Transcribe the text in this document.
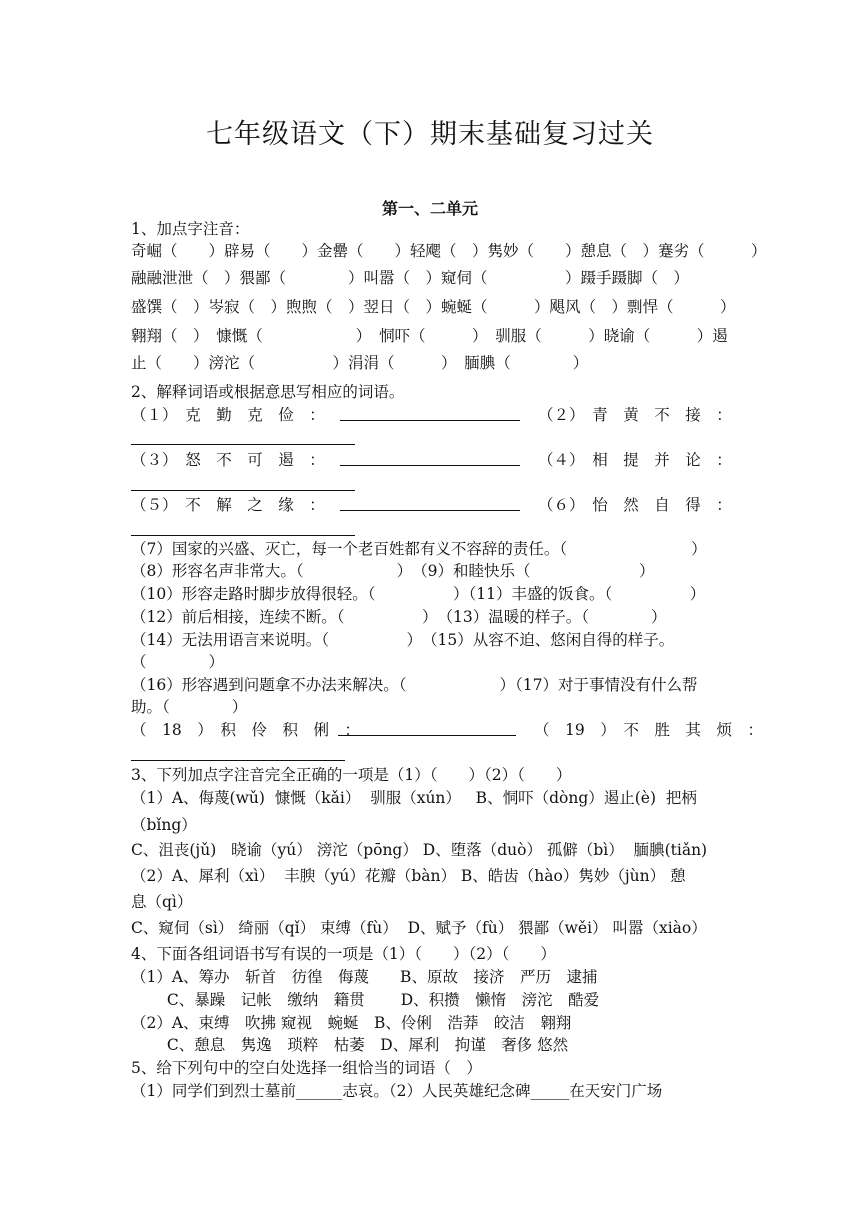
七年级语文（下）期末基础复习过关
第一、二单元
1、加点字注音：
奇崛（　　）辟易（　　）金罍（　　）轻飔（　）隽妙（　　）憩息（　）蹇劣（　　　）
融融泄泄（　）猥鄙（　　　　）叫嚣（　）窥伺（　　　　　）蹑手蹑脚（　）
盛馔（　）岑寂（　）煦煦（　）翌日（　）蜿蜒（　　　）飓风（　）剽悍（　　　）
翱翔（　）　慷慨（　　　　　　）　恫吓（　　　）　驯服（　　　）晓谕（　　　）遏
止（　　）滂沱（　　　　　）涓涓（　　　）　腼腆（　　　　）
2、解释词语或根据意思写相应的词语。
（１）　克　勤　克　俭　：	（２）　青　黄　不　接　：
（３）　怒　不　可　遏　：	（４）　相　提　并　论　：
（５）　不　解　之　缘　：	（６）　怡　然　自　得　：
（7）国家的兴盛、灭亡，每一个老百姓都有义不容辞的责任。（　　　　　　　　）
（8）形容名声非常大。（　　　　　　）　（9）和睦快乐（　　　　　　　）
（10）形容走路时脚步放得很轻。（　　　　　）（11）丰盛的饭食。（　　　　　）
（12）前后相接，连续不断。（　　　　　）　（13）温暖的样子。（　　　　）
（14）无法用语言来说明。（　　　　　）　（15）从容不迫、悠闲自得的样子。
（　　　　）
（16）形容遇到问题拿不办法来解决。（　　　　　　）（17）对于事情没有什么帮
助。（　　　　）
（　18　）　积　伶　积　俐　：	（　19　）　不　胜　其　烦　：
3、下列加点字注音完全正确的一项是（1）（　　）（2）（　　）
（1）A、侮蔑(wǔ)  慷慨（kǎi）  驯服（xún）   B、恫吓（dòng）遏止(è)  把柄
（bǐng）
C、沮丧(jǔ)   晓谕（yú） 滂沱（pōng） D、堕落（duò） 孤僻（bì）  腼腆(tiǎn)
（2）A、犀利（xì）  丰腴（yú）花瓣（bàn） B、皓齿（hào）隽妙（jùn） 憩
息（qì）
C、窥伺（sì） 绮丽（qǐ） 束缚（fù）  D、赋予（fù） 猥鄙（wěi） 叫嚣（xiào）
4、下面各组词语书写有误的一项是（1）（　　）（2）（　　）
（1）A、筹办　斩首　彷徨　侮蔑　　B、原故　接济　严历　逮捕
　　 C、暴躁　记帐　缴纳　籍贯　　 D、积攒　懒惰　滂沱　酷爱
（2）A、束缚　吹拂 窥视　蜿蜒　B、伶俐　浩莽　皎洁　翱翔
　　 C、憩息　隽逸　琐粹　枯萎　D、犀利　拘谨　奢侈 悠然
5、给下列句中的空白处选择一组恰当的词语（　）
（1）同学们到烈士墓前______志哀。（2）人民英雄纪念碑_____在天安门广场
